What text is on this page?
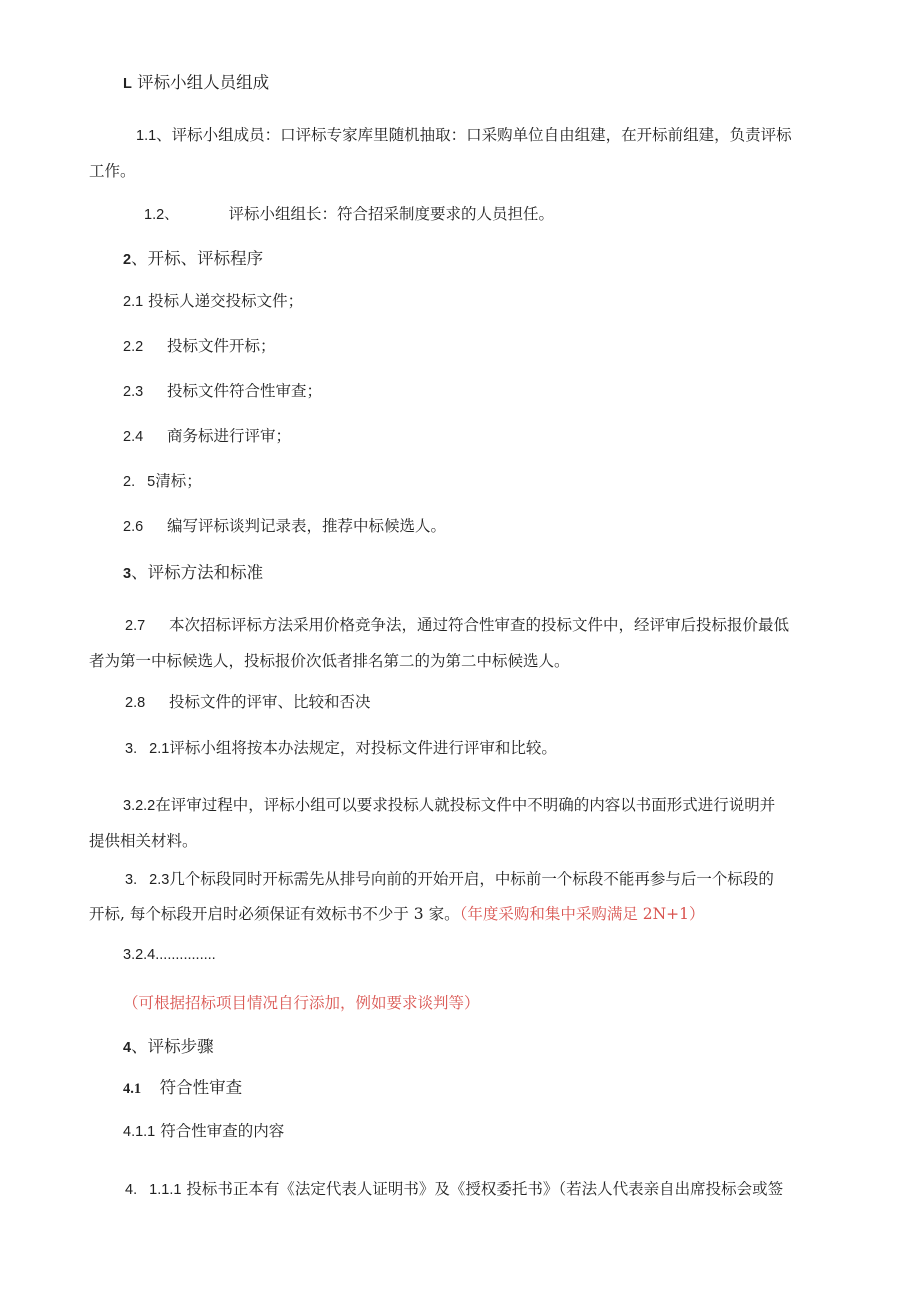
L 评标小组人员组成
1.1、评标小组成员：口评标专家库里随机抽取：口采购单位自由组建，在开标前组建，负责评标
工作。
1.2、	评标小组组长：符合招采制度要求的人员担任。
2、开标、评标程序
2.1 投标人递交投标文件；
2.2 投标文件开标；
2.3 投标文件符合性审查；
2.4 商务标进行评审；
2.   5清标；
2.6 编写评标谈判记录表，推荐中标候选人。
3、评标方法和标准
2.7 本次招标评标方法采用价格竞争法，通过符合性审查的投标文件中，经评审后投标报价最低
者为第一中标候选人，投标报价次低者排名第二的为第二中标候选人。
2.8 投标文件的评审、比较和否决
3.   2.1评标小组将按本办法规定，对投标文件进行评审和比较。
3.2.2在评审过程中，评标小组可以要求投标人就投标文件中不明确的内容以书面形式进行说明并
提供相关材料。
3.   2.3几个标段同时开标需先从排号向前的开始开启，中标前一个标段不能再参与后一个标段的
开标, 每个标段开启时必须保证有效标书不少于 3 家。（年度采购和集中采购满足 2N+1）
3.2.4...............
（可根据招标项目情况自行添加，例如要求谈判等）
4、评标步骤
4.1 符合性审查
4.1.1 符合性审查的内容
4.   1.1.1 投标书正本有《法定代表人证明书》及《授权委托书》（若法人代表亲自出席投标会或签
